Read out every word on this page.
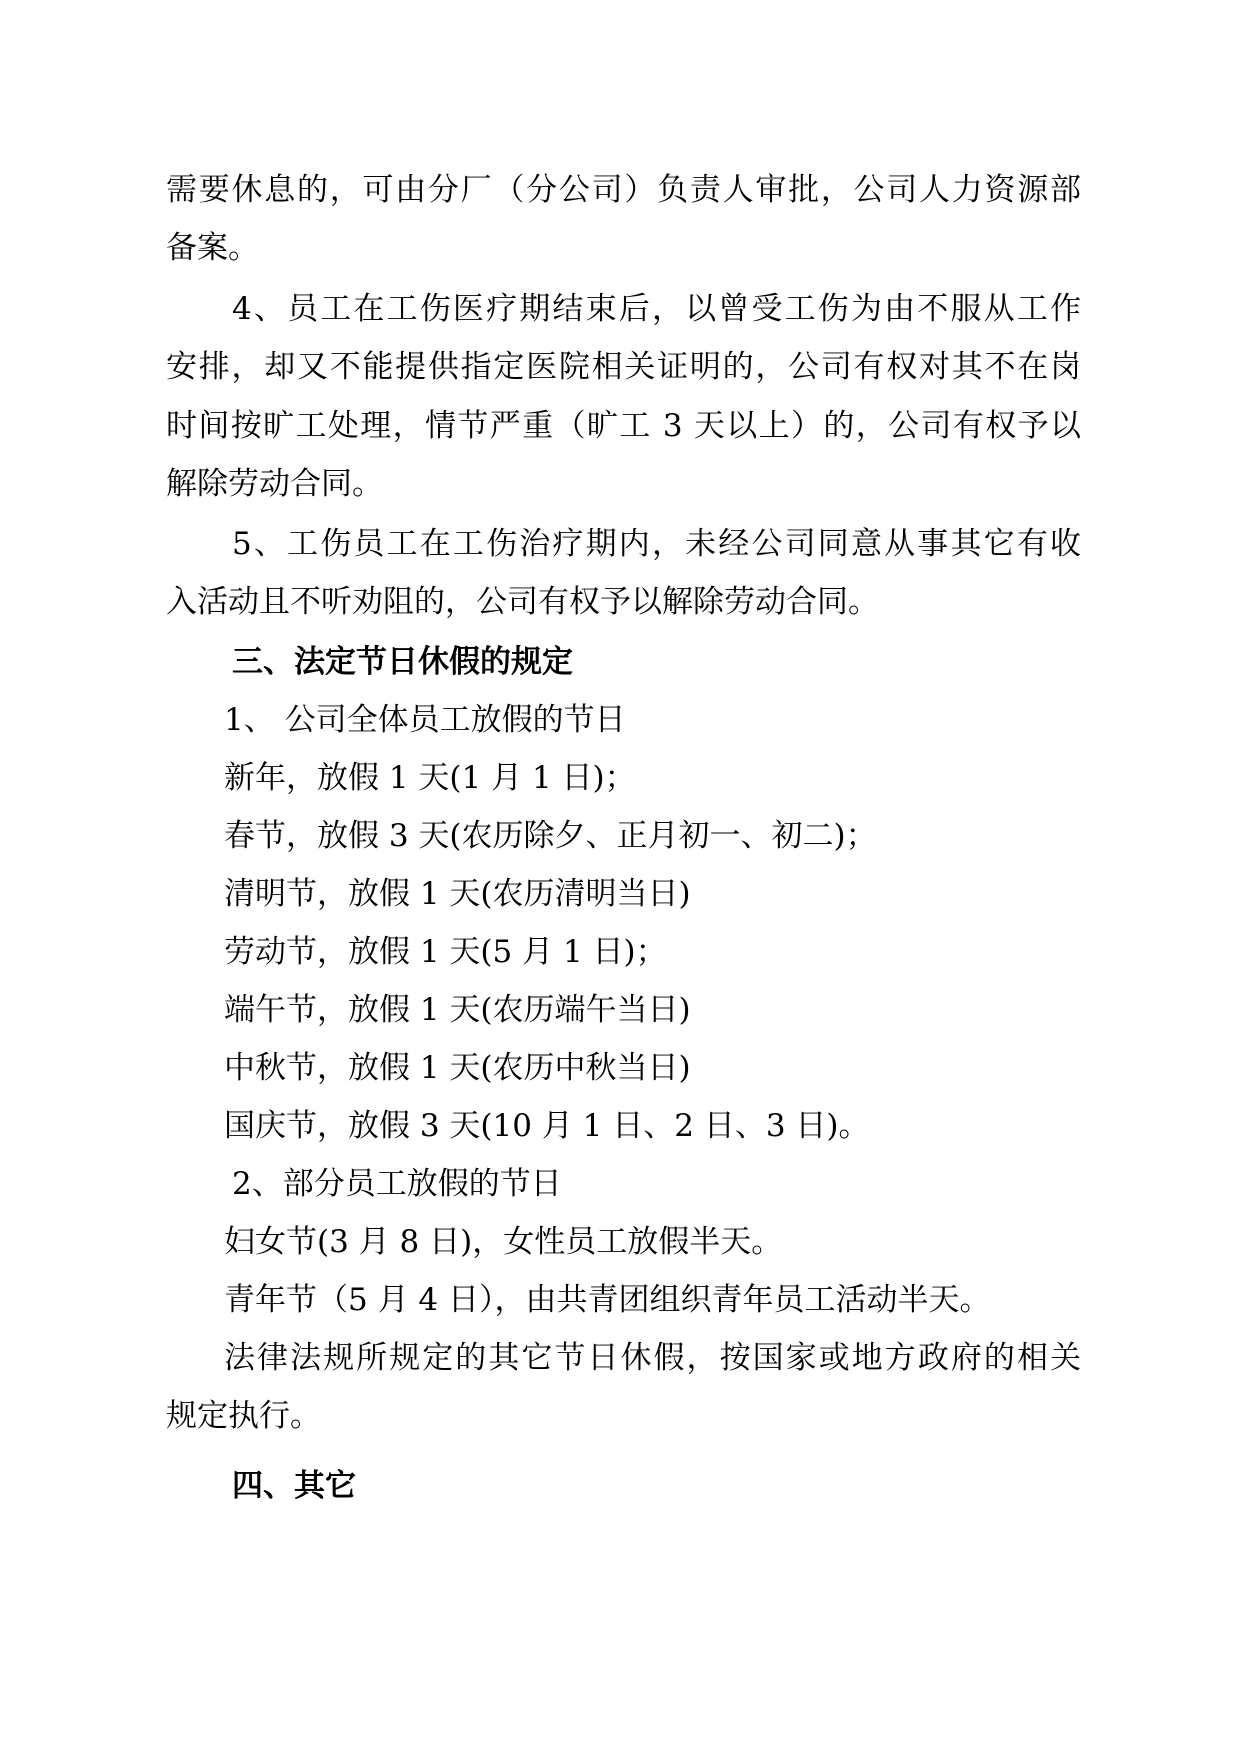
需要休息的，可由分厂（分公司）负责人审批，公司人力资源部
备案。
4、员工在工伤医疗期结束后，以曾受工伤为由不服从工作
安排，却又不能提供指定医院相关证明的，公司有权对其不在岗
时间按旷工处理，情节严重（旷工 3 天以上）的，公司有权予以
解除劳动合同。
5、工伤员工在工伤治疗期内，未经公司同意从事其它有收
入活动且不听劝阻的，公司有权予以解除劳动合同。
三、法定节日休假的规定
1、 公司全体员工放假的节日
新年，放假 1 天(1 月 1 日)；
春节，放假 3 天(农历除夕、正月初一、初二)；
清明节，放假 1 天(农历清明当日)
劳动节，放假 1 天(5 月 1 日)；
端午节，放假 1 天(农历端午当日)
中秋节，放假 1 天(农历中秋当日)
国庆节，放假 3 天(10 月 1 日、2 日、3 日)。
2、部分员工放假的节日
妇女节(3 月 8 日)，女性员工放假半天。
青年节（5 月 4 日），由共青团组织青年员工活动半天。
法律法规所规定的其它节日休假，按国家或地方政府的相关
规定执行。
四、其它
